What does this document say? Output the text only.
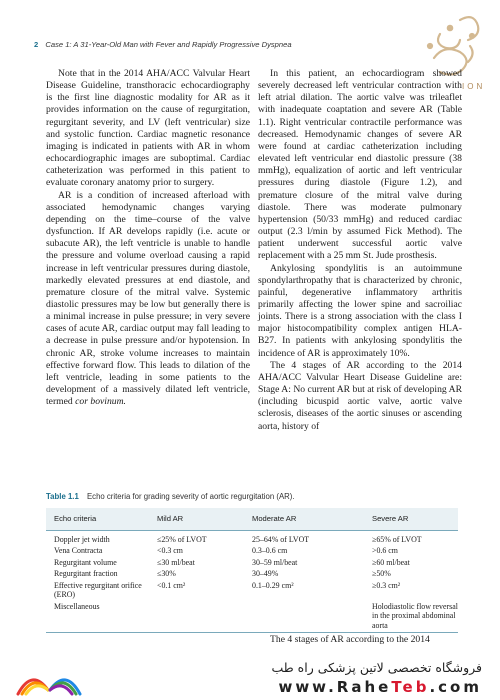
2 Case 1: A 31-Year-Old Man with Fever and Rapidly Progressive Dyspnea
ION

Note that in the 2014 AHA/ACC Valvular Heart Disease Guideline, transthoracic echocardiography is the first line diagnostic modality for AR as it provides information on the cause of regurgitation, regurgitant severity, and LV (left ventricular) size and systolic function. Cardiac magnetic resonance imaging is indicated in patients with AR in whom echocardiographic images are suboptimal. Cardiac catheterization was performed in this patient to evaluate coronary anatomy prior to surgery.

AR is a condition of increased afterload with associated hemodynamic changes varying depending on the time–course of the valve dysfunction. If AR develops rapidly (i.e. acute or subacute AR), the left ventricle is unable to handle the pressure and volume overload causing a rapid increase in left ventricular pressures during diastole, markedly elevated pressures at end diastole, and premature closure of the mitral valve. Systemic diastolic pressures may be low but generally there is a minimal increase in pulse pressure; in very severe cases of acute AR, cardiac output may fall leading to a decrease in pulse pressure and/or hypotension. In chronic AR, stroke volume increases to maintain effective forward flow. This leads to dilation of the left ventricle, leading in some patients to the development of a massively dilated left ventricle, termed cor bovinum.

In this patient, an echocardiogram showed severely decreased left ventricular contraction with left atrial dilation. The aortic valve was trileaflet with inadequate coaptation and severe AR (Table 1.1). Right ventricular contractile performance was decreased. Hemodynamic changes of severe AR were found at cardiac catheterization including elevated left ventricular end diastolic pressure (38 mmHg), equalization of aortic and left ventricular pressures during diastole (Figure 1.2), and premature closure of the mitral valve during diastole. There was moderate pulmonary hypertension (50/33 mmHg) and reduced cardiac output (2.3 l/min by assumed Fick Method). The patient underwent successful aortic valve replacement with a 25 mm St. Jude prosthesis.

Ankylosing spondylitis is an autoimmune spondylarthropathy that is characterized by chronic, painful, degenerative inflammatory arthritis primarily affecting the lower spine and sacroiliac joints. There is a strong association with the class I major histocompatibility complex antigen HLA-B27. In patients with ankylosing spondylitis the incidence of AR is approximately 10%.

The 4 stages of AR according to the 2014 AHA/ACC Valvular Heart Disease Guideline are: Stage A: No current AR but at risk of developing AR (including bicuspid aortic valve, aortic valve sclerosis, diseases of the aortic sinuses or ascending aorta, history of

Table 1.1 Echo criteria for grading severity of aortic regurgitation (AR).
Echo criteria	Mild AR	Moderate AR	Severe AR
Doppler jet width	≤25% of LVOT	25–64% of LVOT	≥65% of LVOT
Vena Contracta	<0.3 cm	0.3–0.6 cm	>0.6 cm
Regurgitant volume	≤30 ml/beat	30–59 ml/beat	≥60 ml/beat
Regurgitant fraction	≤30%	30–49%	≥50%
Effective regurgitant orifice (ERO)	<0.1 cm²	0.1–0.29 cm²	≥0.3 cm²
Miscellaneous			Holodiastolic flow reversal in the proximal abdominal aorta

The 4 stages of AR according to the 2014

فروشگاه تخصصی لاتین پزشکی راه طب
www.RaheTeb.com
